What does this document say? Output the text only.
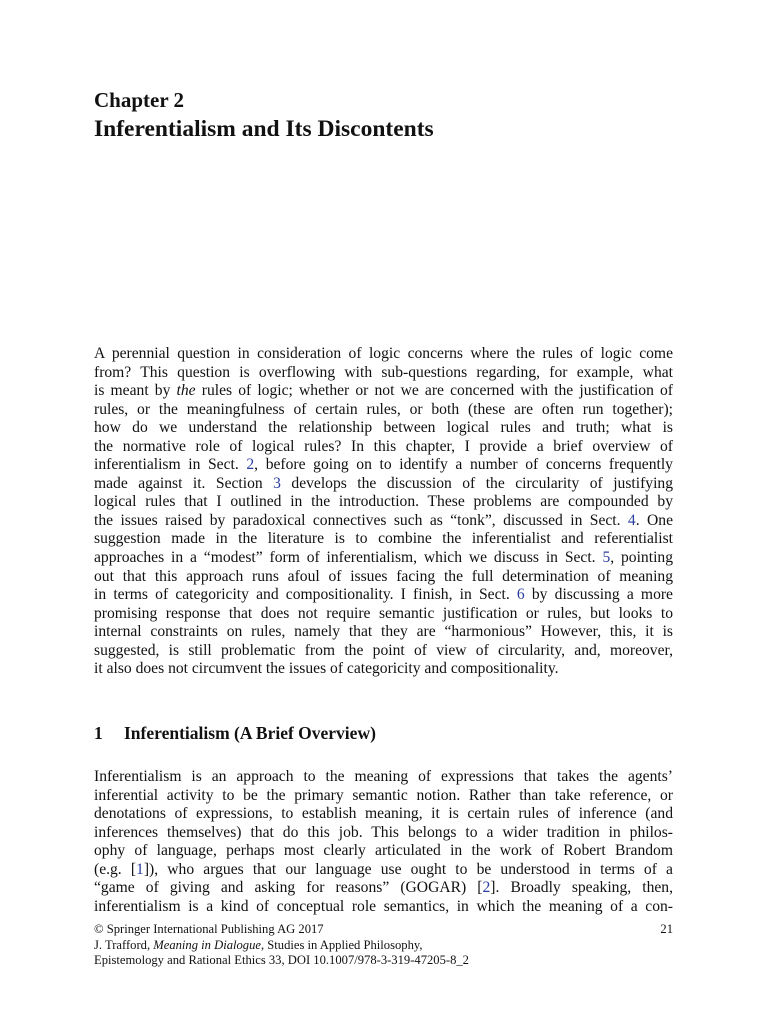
Chapter 2
Inferentialism and Its Discontents
A perennial question in consideration of logic concerns where the rules of logic come
from? This question is overflowing with sub-questions regarding, for example, what
is meant by the rules of logic; whether or not we are concerned with the justification of
rules, or the meaningfulness of certain rules, or both (these are often run together);
how do we understand the relationship between logical rules and truth; what is
the normative role of logical rules? In this chapter, I provide a brief overview of
inferentialism in Sect. 2, before going on to identify a number of concerns frequently
made against it. Section 3 develops the discussion of the circularity of justifying
logical rules that I outlined in the introduction. These problems are compounded by
the issues raised by paradoxical connectives such as “tonk”, discussed in Sect. 4. One
suggestion made in the literature is to combine the inferentialist and referentialist
approaches in a “modest” form of inferentialism, which we discuss in Sect. 5, pointing
out that this approach runs afoul of issues facing the full determination of meaning
in terms of categoricity and compositionality. I finish, in Sect. 6 by discussing a more
promising response that does not require semantic justification or rules, but looks to
internal constraints on rules, namely that they are “harmonious” However, this, it is
suggested, is still problematic from the point of view of circularity, and, moreover,
it also does not circumvent the issues of categoricity and compositionality.
1 Inferentialism (A Brief Overview)
Inferentialism is an approach to the meaning of expressions that takes the agents’
inferential activity to be the primary semantic notion. Rather than take reference, or
denotations of expressions, to establish meaning, it is certain rules of inference (and
inferences themselves) that do this job. This belongs to a wider tradition in philos-
ophy of language, perhaps most clearly articulated in the work of Robert Brandom
(e.g. [1]), who argues that our language use ought to be understood in terms of a
“game of giving and asking for reasons” (GOGAR) [2]. Broadly speaking, then,
inferentialism is a kind of conceptual role semantics, in which the meaning of a con-
© Springer International Publishing AG 2017	21
J. Trafford, Meaning in Dialogue, Studies in Applied Philosophy,
Epistemology and Rational Ethics 33, DOI 10.1007/978-3-319-47205-8_2
